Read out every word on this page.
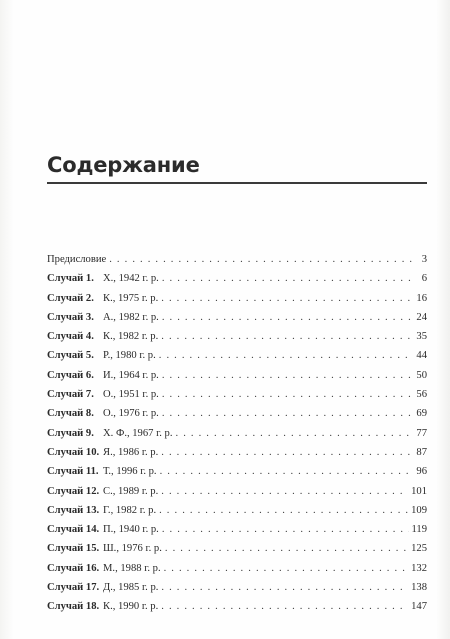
Содержание
Предисловие . . .	3
Случай 1. Х., 1942 г. р. . . .	6
Случай 2. К., 1975 г. р. . . .	16
Случай 3. А., 1982 г. р. . . .	24
Случай 4. К., 1982 г. р. . . .	35
Случай 5. Р., 1980 г. р. . . .	44
Случай 6. И., 1964 г. р. . . .	50
Случай 7. О., 1951 г. р. . . .	56
Случай 8. О., 1976 г. р. . . .	69
Случай 9. Х. Ф., 1967 г. р. . . .	77
Случай 10. Я., 1986 г. р. . . .	87
Случай 11. Т., 1996 г. р. . . .	96
Случай 12. С., 1989 г. р. . . .	101
Случай 13. Г., 1982 г. р. . . .	109
Случай 14. П., 1940 г. р. . . .	119
Случай 15. Ш., 1976 г. р. . . .	125
Случай 16. М., 1988 г. р. . . .	132
Случай 17. Д., 1985 г. р. . . .	138
Случай 18. К., 1990 г. р. . . .	147
